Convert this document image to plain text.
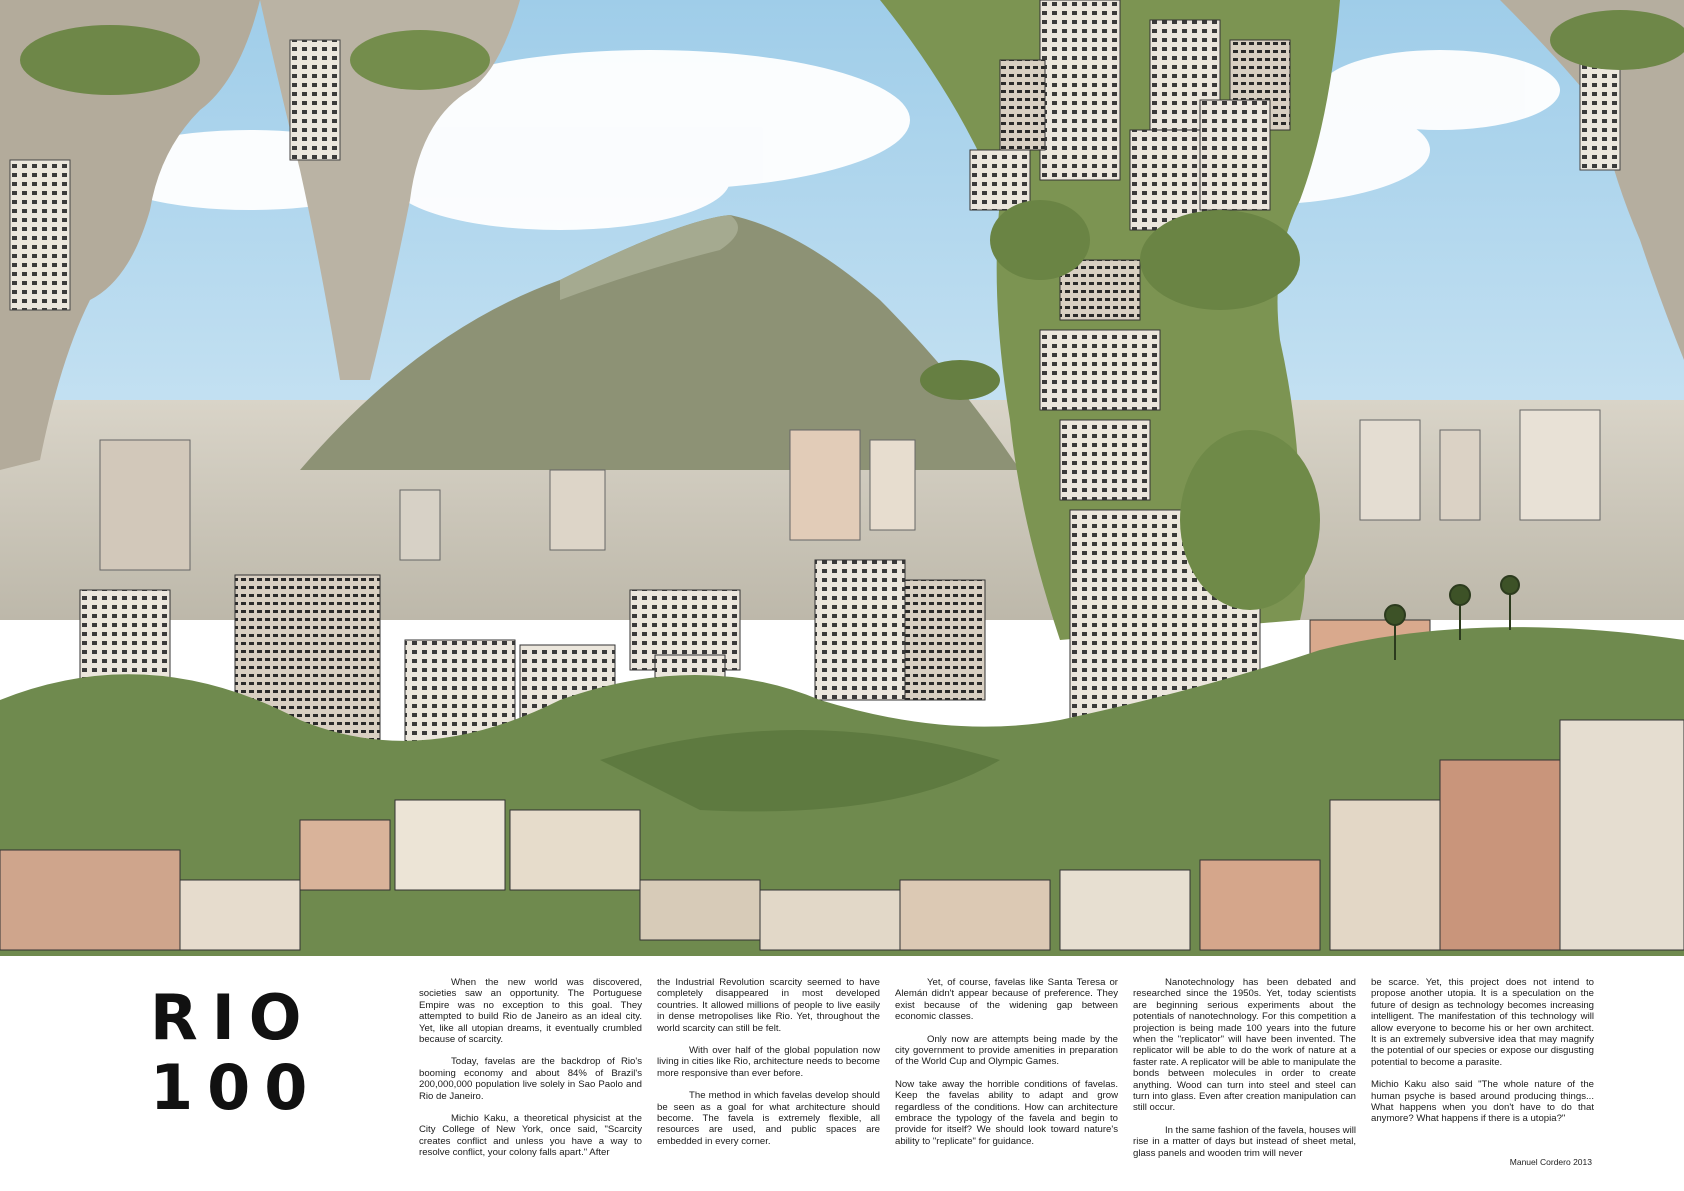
RIO
100

When the new world was discovered, societies saw an opportunity. The Portuguese Empire was no exception to this goal. They attempted to build Rio de Janeiro as an ideal city. Yet, like all utopian dreams, it eventually crumbled because of scarcity.

Today, favelas are the backdrop of Rio's booming economy and about 84% of Brazil's 200,000,000 population live solely in Sao Paolo and Rio de Janeiro.

Michio Kaku, a theoretical physicist at the City College of New York, once said, "Scarcity creates conflict and unless you have a way to resolve conflict, your colony falls apart." After

the Industrial Revolution scarcity seemed to have completely disappeared in most developed countries. It allowed millions of people to live easily in dense metropolises like Rio. Yet, throughout the world scarcity can still be felt.

With over half of the global population now living in cities like Rio, architecture needs to become more responsive than ever before.

The method in which favelas develop should be seen as a goal for what architecture should become. The favela is extremely flexible, all resources are used, and public spaces are embedded in every corner.

Yet, of course, favelas like Santa Teresa or Alemán didn't appear because of preference. They exist because of the widening gap between economic classes.

Only now are attempts being made by the city government to provide amenities in preparation of the World Cup and Olympic Games.

Now take away the horrible conditions of favelas. Keep the favelas ability to adapt and grow regardless of the conditions. How can architecture embrace the typology of the favela and begin to provide for itself? We should look toward nature's ability to "replicate" for guidance.

Nanotechnology has been debated and researched since the 1950s. Yet, today scientists are beginning serious experiments about the potentials of nanotechnology. For this competition a projection is being made 100 years into the future when the "replicator" will have been invented. The replicator will be able to do the work of nature at a faster rate. A replicator will be able to manipulate the bonds between molecules in order to create anything. Wood can turn into steel and steel can turn into glass. Even after creation manipulation can still occur.

In the same fashion of the favela, houses will rise in a matter of days but instead of sheet metal, glass panels and wooden trim will never

be scarce. Yet, this project does not intend to propose another utopia. It is a speculation on the future of design as technology becomes increasing intelligent. The manifestation of this technology will allow everyone to become his or her own architect. It is an extremely subversive idea that may magnify the potential of our species or expose our disgusting potential to become a parasite.

Michio Kaku also said "The whole nature of the human psyche is based around producing things... What happens when you don't have to do that anymore? What happens if there is a utopia?"

Manuel Cordero 2013
